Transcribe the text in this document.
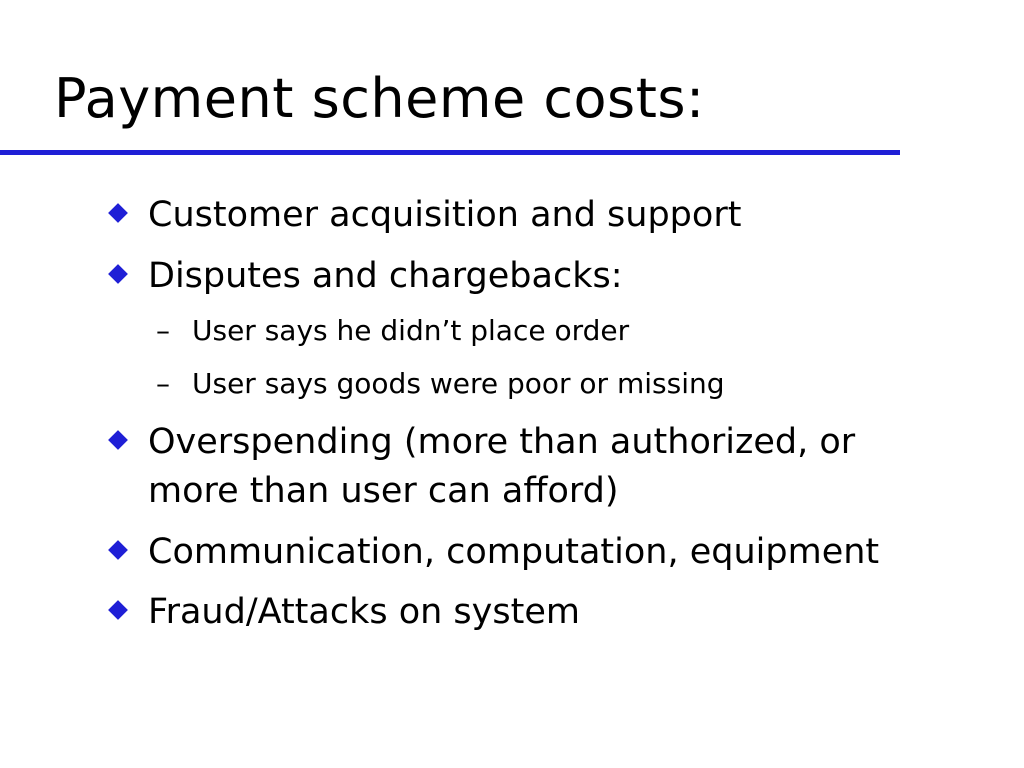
Payment scheme costs:
Customer acquisition and support
Disputes and chargebacks:
– User says he didn’t place order
– User says goods were poor or missing
Overspending (more than authorized, or
more than user can afford)
Communication, computation, equipment
Fraud/Attacks on system
